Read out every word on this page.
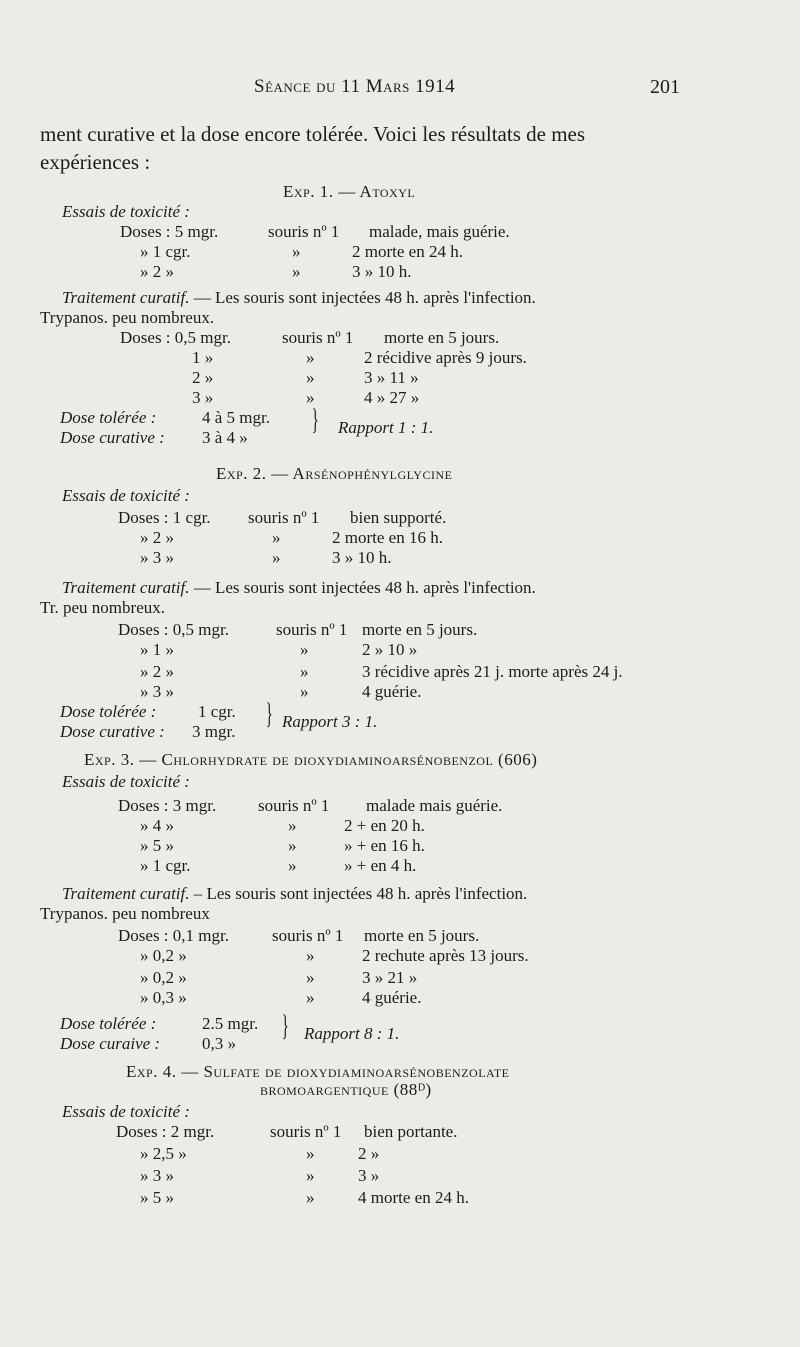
Séance du 11 Mars 1914	201
ment curative et la dose encore tolérée. Voici les résultats de mes
expériences :
Exp. 1. — Atoxyl
Essais de toxicité :
Doses : 5 mgr.	souris nº 1 malade, mais guérie.
» 1 cgr.	»	2 morte en 24 h.
» 2 »	»	3 » 10 h.
Traitement curatif. — Les souris sont injectées 48 h. après l'infection.
Trypanos. peu nombreux.
Doses : 0,5 mgr.	souris nº 1 morte en 5 jours.
1 »	»	2 récidive après 9 jours.
2 »	»	3 » 11 »
3 »	»	4 » 27 »
Dose tolérée :	4 à 5 mgr.
Dose curative : 3 à 4 »
} Rapport 1 : 1.
Exp. 2. — Arsénophénylglycine
Essais de toxicité :
Doses : 1 cgr. souris nº 1 bien supporté.
» 2 »	»	2 morte en 16 h.
» 3 »	»	3 » 10 h.
Traitement curatif. — Les souris sont injectées 48 h. après l'infection.
Tr. peu nombreux.
Doses : 0,5 mgr.	souris nº 1 morte en 5 jours.
» 1 »	»	2 » 10 »
» 2 »	»	3 récidive après 21 j. morte après 24 j.
» 3 »	»	4 guérie.
Dose tolérée : 1 cgr.
Dose curative : 3 mgr.
} Rapport 3 : 1.
Exp. 3. — Chlorhydrate de dioxydiaminoarsénobenzol (606)
Essais de toxicité :
Doses : 3 mgr. souris nº 1 malade mais guérie.
» 4 »	»	2 + en 20 h.
» 5 »	»	» + en 16 h.
» 1 cgr.	»	» + en 4 h.
Traitement curatif. – Les souris sont injectées 48 h. après l'infection.
Trypanos. peu nombreux
Doses : 0,1 mgr.	souris nº 1 morte en 5 jours.
» 0,2 »	»	2 rechute après 13 jours.
» 0,2 »	»	3 » 21 »
» 0,3 »	»	4 guérie.
Dose tolérée :	2.5 mgr.
Dose curaive : 0,3 »
} Rapport 8 : 1.
Exp. 4. — Sulfate de dioxydiaminoarsénobenzolate
bromoargentique (88ᴰ)
Essais de toxicité :
Doses : 2 mgr.	souris nº 1 bien portante.
» 2,5 »	»	2 »
» 3 »	»	3 »
» 5 »	»	4 morte en 24 h.
